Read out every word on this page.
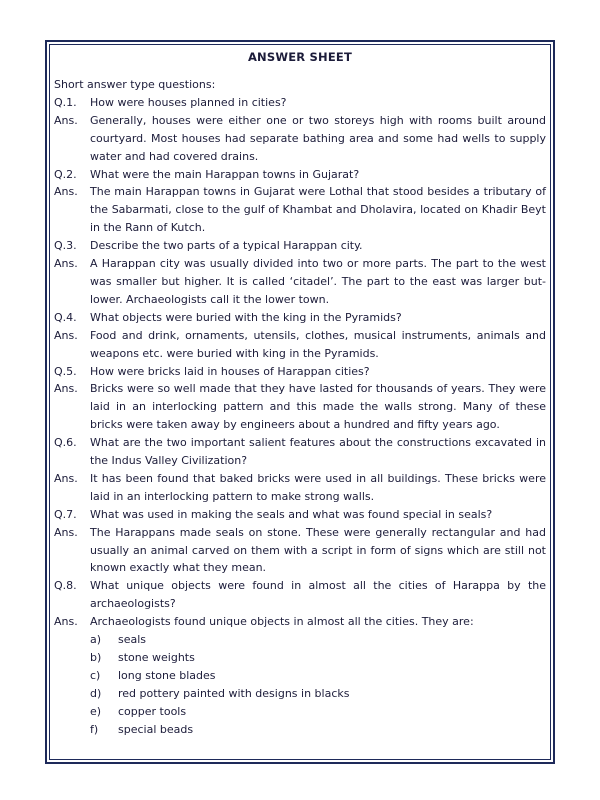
ANSWER SHEET
Short answer type questions:
Q.1.	How were houses planned in cities?
Ans.	Generally, houses were either one or two storeys high with rooms built around courtyard. Most houses had separate bathing area and some had wells to supply water and had covered drains.
Q.2.	What were the main Harappan towns in Gujarat?
Ans.	The main Harappan towns in Gujarat were Lothal that stood besides a tributary of the Sabarmati, close to the gulf of Khambat and Dholavira, located on Khadir Beyt in the Rann of Kutch.
Q.3.	Describe the two parts of a typical Harappan city.
Ans.	A Harappan city was usually divided into two or more parts. The part to the west was smaller but higher. It is called ‘citadel’. The part to the east was larger but-lower. Archaeologists call it the lower town.
Q.4.	What objects were buried with the king in the Pyramids?
Ans.	Food and drink, ornaments, utensils, clothes, musical instruments, animals and weapons etc. were buried with king in the Pyramids.
Q.5.	How were bricks laid in houses of Harappan cities?
Ans.	Bricks were so well made that they have lasted for thousands of years. They were laid in an interlocking pattern and this made the walls strong. Many of these bricks were taken away by engineers about a hundred and fifty years ago.
Q.6.	What are the two important salient features about the constructions excavated in the Indus Valley Civilization?
Ans.	It has been found that baked bricks were used in all buildings. These bricks were laid in an interlocking pattern to make strong walls.
Q.7.	What was used in making the seals and what was found special in seals?
Ans.	The Harappans made seals on stone. These were generally rectangular and had usually an animal carved on them with a script in form of signs which are still not known exactly what they mean.
Q.8.	What unique objects were found in almost all the cities of Harappa by the archaeologists?
Ans.	Archaeologists found unique objects in almost all the cities. They are:
a)	seals
b)	stone weights
c)	long stone blades
d)	red pottery painted with designs in blacks
e)	copper tools
f)	special beads
